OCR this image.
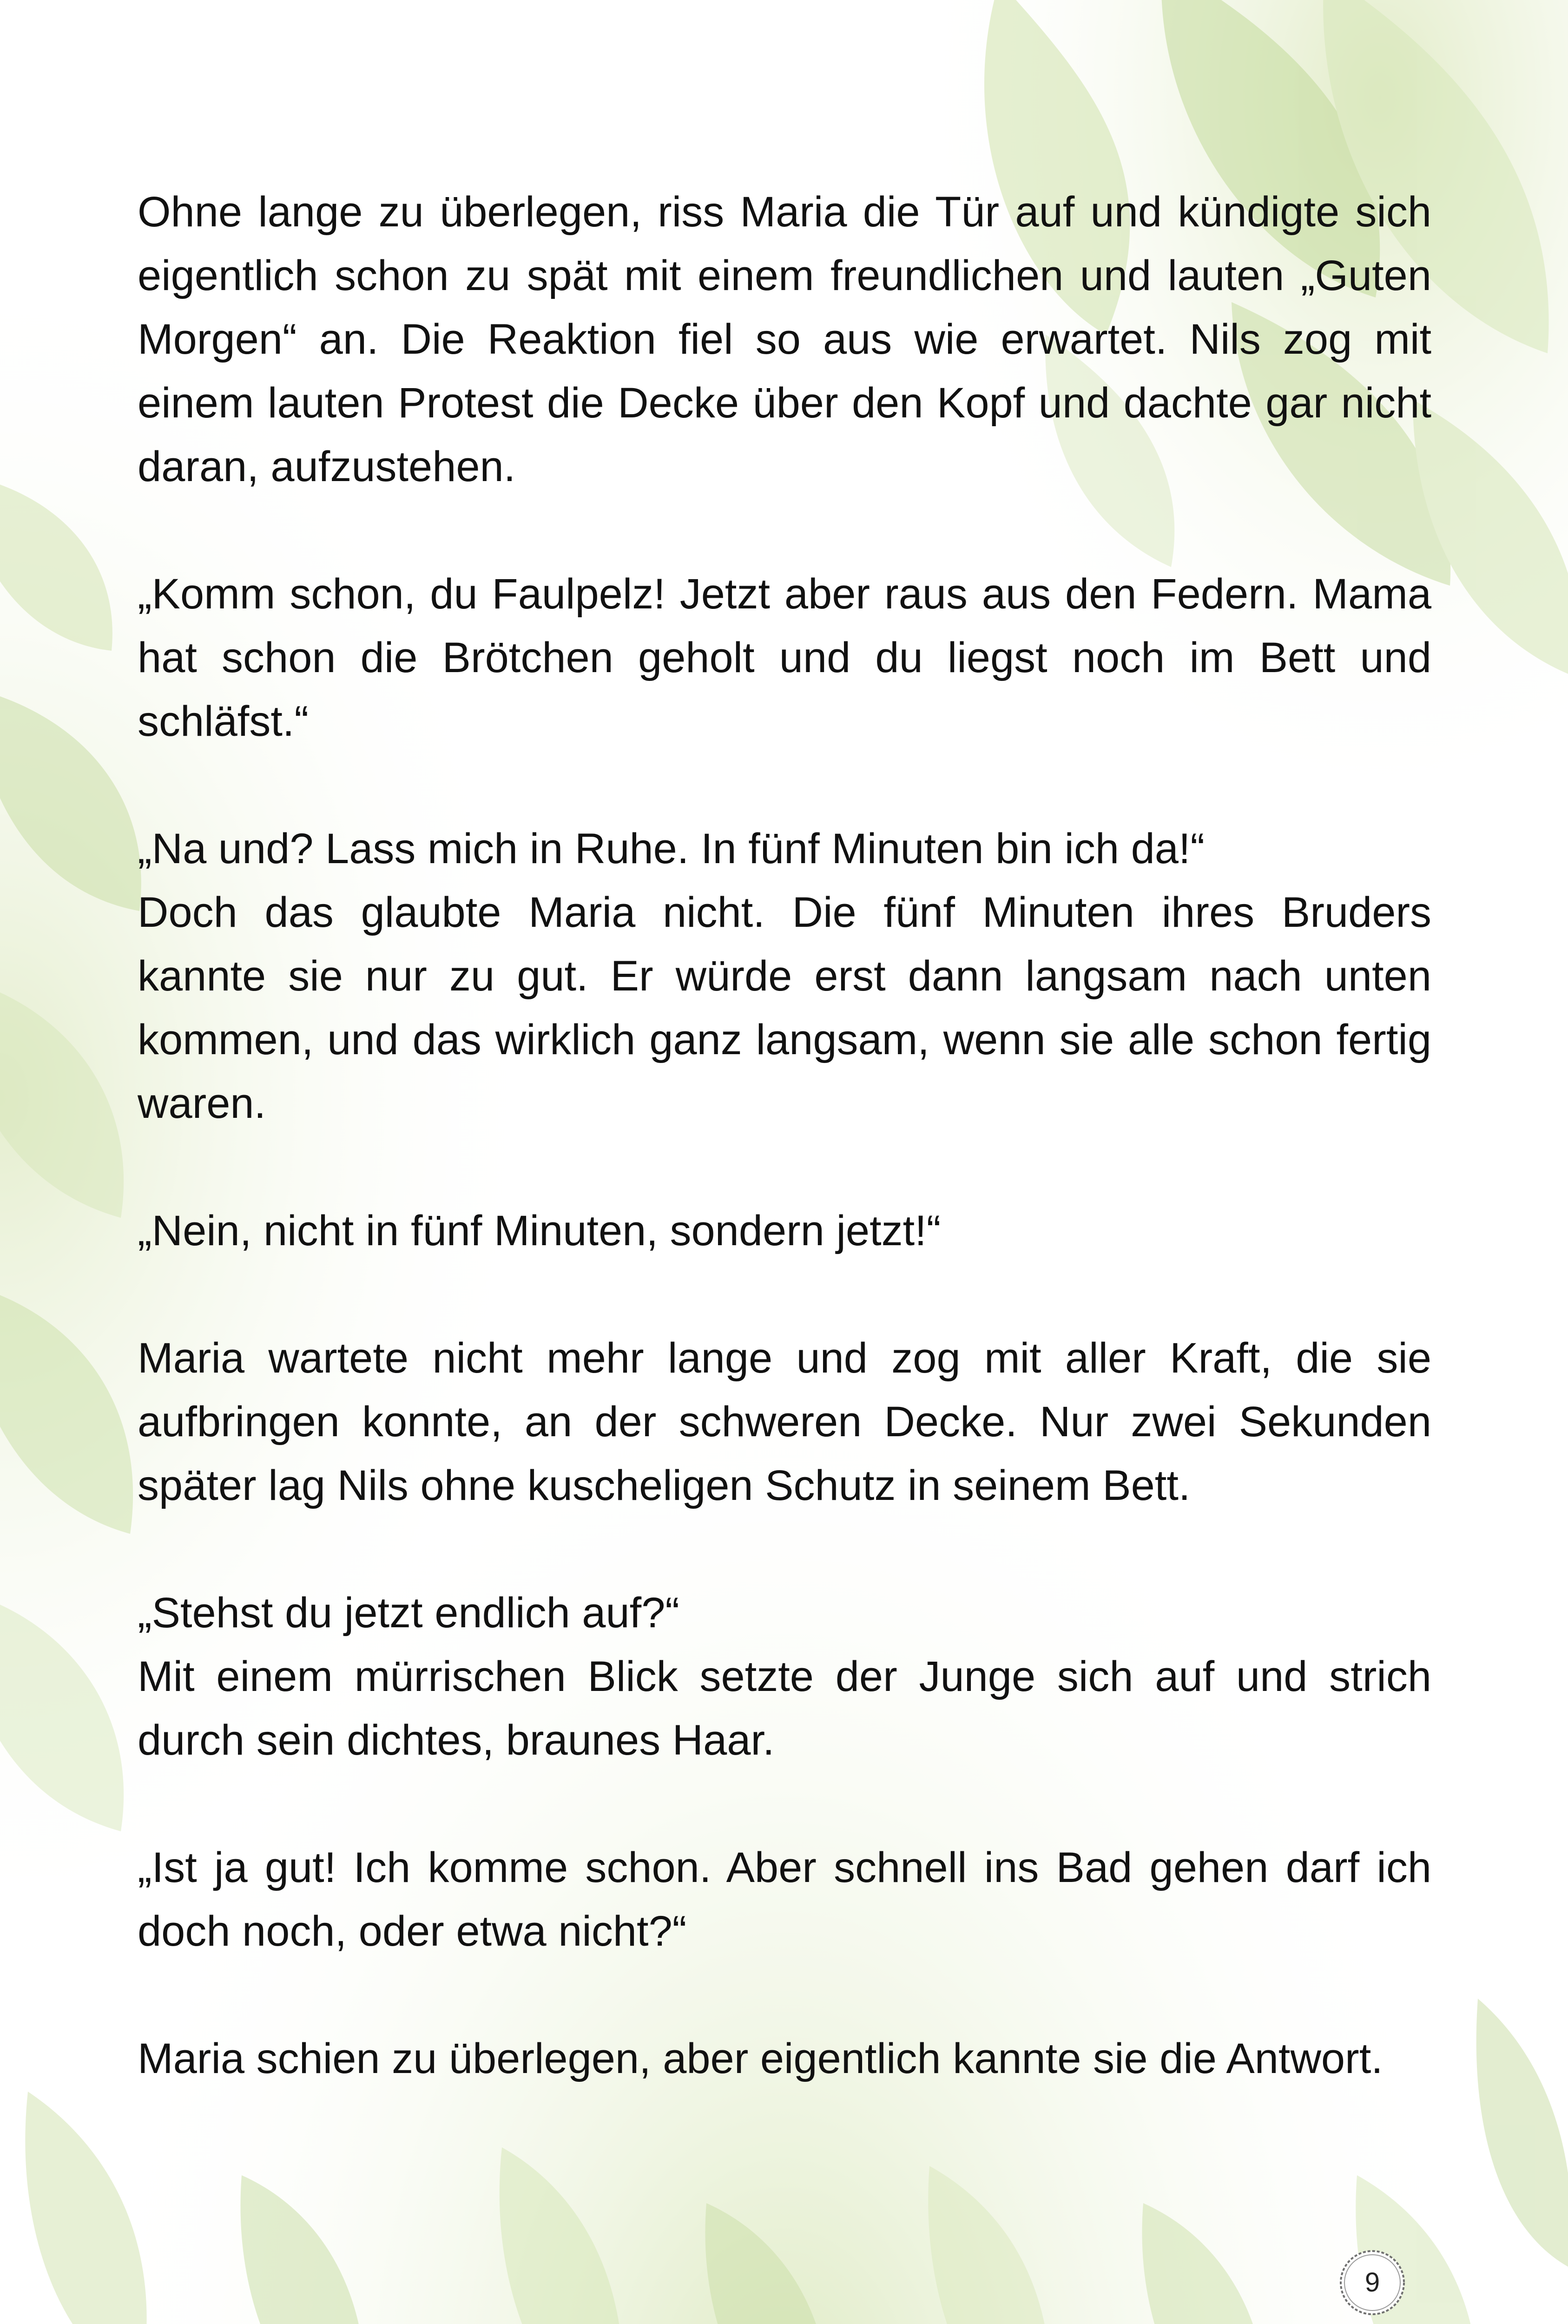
Ohne lange zu überlegen, riss Maria die Tür auf und kündigte sich eigentlich schon zu spät mit einem freundlichen und lauten „Guten Morgen“ an. Die Reaktion fiel so aus wie erwartet. Nils zog mit einem lauten Protest die Decke über den Kopf und dachte gar nicht daran, aufzustehen.

„Komm schon, du Faulpelz! Jetzt aber raus aus den Federn. Mama hat schon die Brötchen geholt und du liegst noch im Bett und schläfst.“

„Na und? Lass mich in Ruhe. In fünf Minuten bin ich da!“

Doch das glaubte Maria nicht. Die fünf Minuten ihres Bruders kannte sie nur zu gut. Er würde erst dann langsam nach unten kommen, und das wirklich ganz langsam, wenn sie alle schon fertig waren.

„Nein, nicht in fünf Minuten, sondern jetzt!“

Maria wartete nicht mehr lange und zog mit aller Kraft, die sie aufbringen konnte, an der schweren Decke. Nur zwei Sekunden später lag Nils ohne kuscheligen Schutz in seinem Bett.

„Stehst du jetzt endlich auf?“

Mit einem mürrischen Blick setzte der Junge sich auf und strich durch sein dichtes, braunes Haar.

„Ist ja gut! Ich komme schon. Aber schnell ins Bad gehen darf ich doch noch, oder etwa nicht?“

Maria schien zu überlegen, aber eigentlich kannte sie die Antwort.

9
